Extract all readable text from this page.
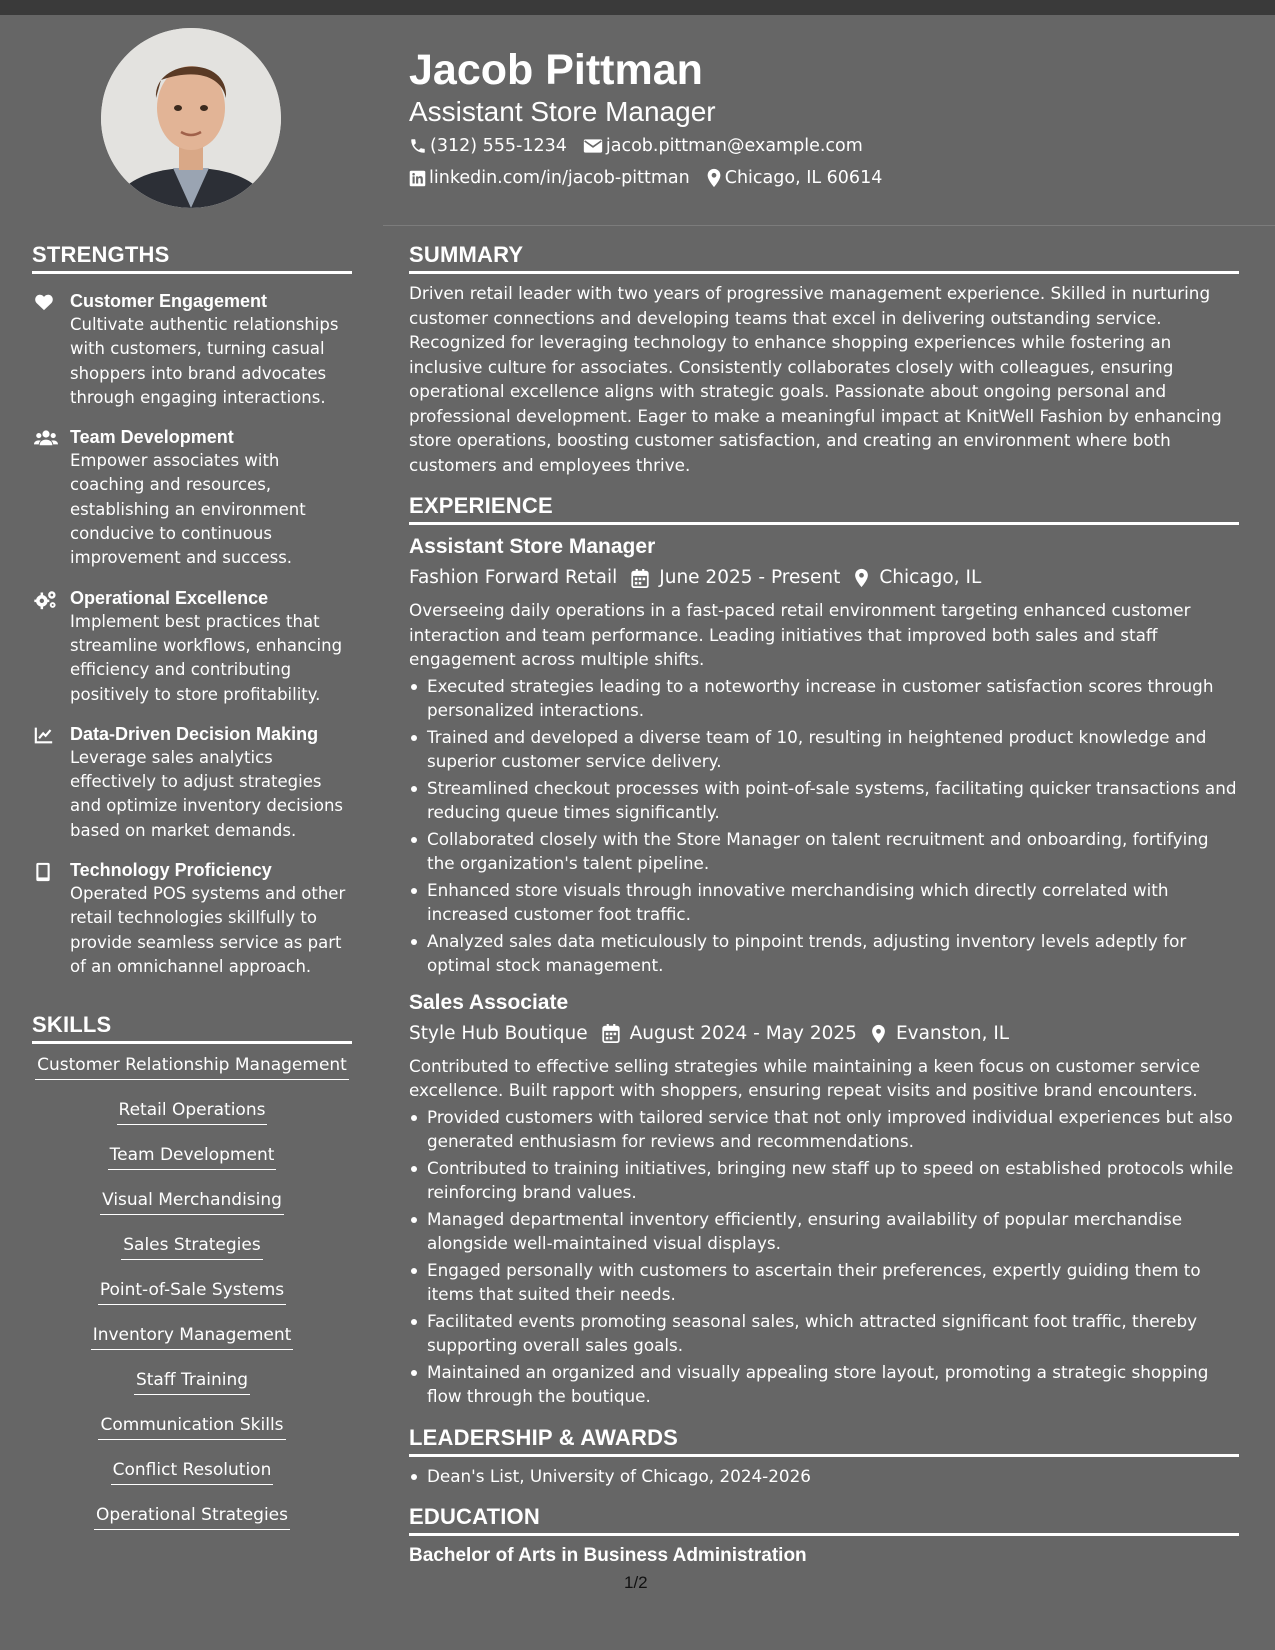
Jacob Pittman
Assistant Store Manager
(312) 555-1234 jacob.pittman@example.com
linkedin.com/in/jacob-pittman Chicago, IL 60614
STRENGTHS
Customer Engagement
Cultivate authentic relationships with customers, turning casual shoppers into brand advocates through engaging interactions.
Team Development
Empower associates with coaching and resources, establishing an environment conducive to continuous improvement and success.
Operational Excellence
Implement best practices that streamline workflows, enhancing efficiency and contributing positively to store profitability.
Data-Driven Decision Making
Leverage sales analytics effectively to adjust strategies and optimize inventory decisions based on market demands.
Technology Proficiency
Operated POS systems and other retail technologies skillfully to provide seamless service as part of an omnichannel approach.
SKILLS
Customer Relationship Management
Retail Operations
Team Development
Visual Merchandising
Sales Strategies
Point-of-Sale Systems
Inventory Management
Staff Training
Communication Skills
Conflict Resolution
Operational Strategies
SUMMARY

Driven retail leader with two years of progressive management experience. Skilled in nurturing customer connections and developing teams that excel in delivering outstanding service. Recognized for leveraging technology to enhance shopping experiences while fostering an inclusive culture for associates. Consistently collaborates closely with colleagues, ensuring operational excellence aligns with strategic goals. Passionate about ongoing personal and professional development. Eager to make a meaningful impact at KnitWell Fashion by enhancing store operations, boosting customer satisfaction, and creating an environment where both customers and employees thrive.

EXPERIENCE
Assistant Store Manager
Fashion Forward Retail June 2025 - Present Chicago, IL

Overseeing daily operations in a fast-paced retail environment targeting enhanced customer interaction and team performance. Leading initiatives that improved both sales and staff engagement across multiple shifts.

Executed strategies leading to a noteworthy increase in customer satisfaction scores through personalized interactions.
Trained and developed a diverse team of 10, resulting in heightened product knowledge and superior customer service delivery.
Streamlined checkout processes with point-of-sale systems, facilitating quicker transactions and reducing queue times significantly.
Collaborated closely with the Store Manager on talent recruitment and onboarding, fortifying the organization's talent pipeline.
Enhanced store visuals through innovative merchandising which directly correlated with increased customer foot traffic.
Analyzed sales data meticulously to pinpoint trends, adjusting inventory levels adeptly for optimal stock management.
Sales Associate
Style Hub Boutique August 2024 - May 2025 Evanston, IL

Contributed to effective selling strategies while maintaining a keen focus on customer service excellence. Built rapport with shoppers, ensuring repeat visits and positive brand encounters.

Provided customers with tailored service that not only improved individual experiences but also generated enthusiasm for reviews and recommendations.
Contributed to training initiatives, bringing new staff up to speed on established protocols while reinforcing brand values.
Managed departmental inventory efficiently, ensuring availability of popular merchandise alongside well-maintained visual displays.
Engaged personally with customers to ascertain their preferences, expertly guiding them to items that suited their needs.
Facilitated events promoting seasonal sales, which attracted significant foot traffic, thereby supporting overall sales goals.
Maintained an organized and visually appealing store layout, promoting a strategic shopping flow through the boutique.
LEADERSHIP & AWARDS
Dean's List, University of Chicago, 2024-2026
EDUCATION
Bachelor of Arts in Business Administration
1/2
